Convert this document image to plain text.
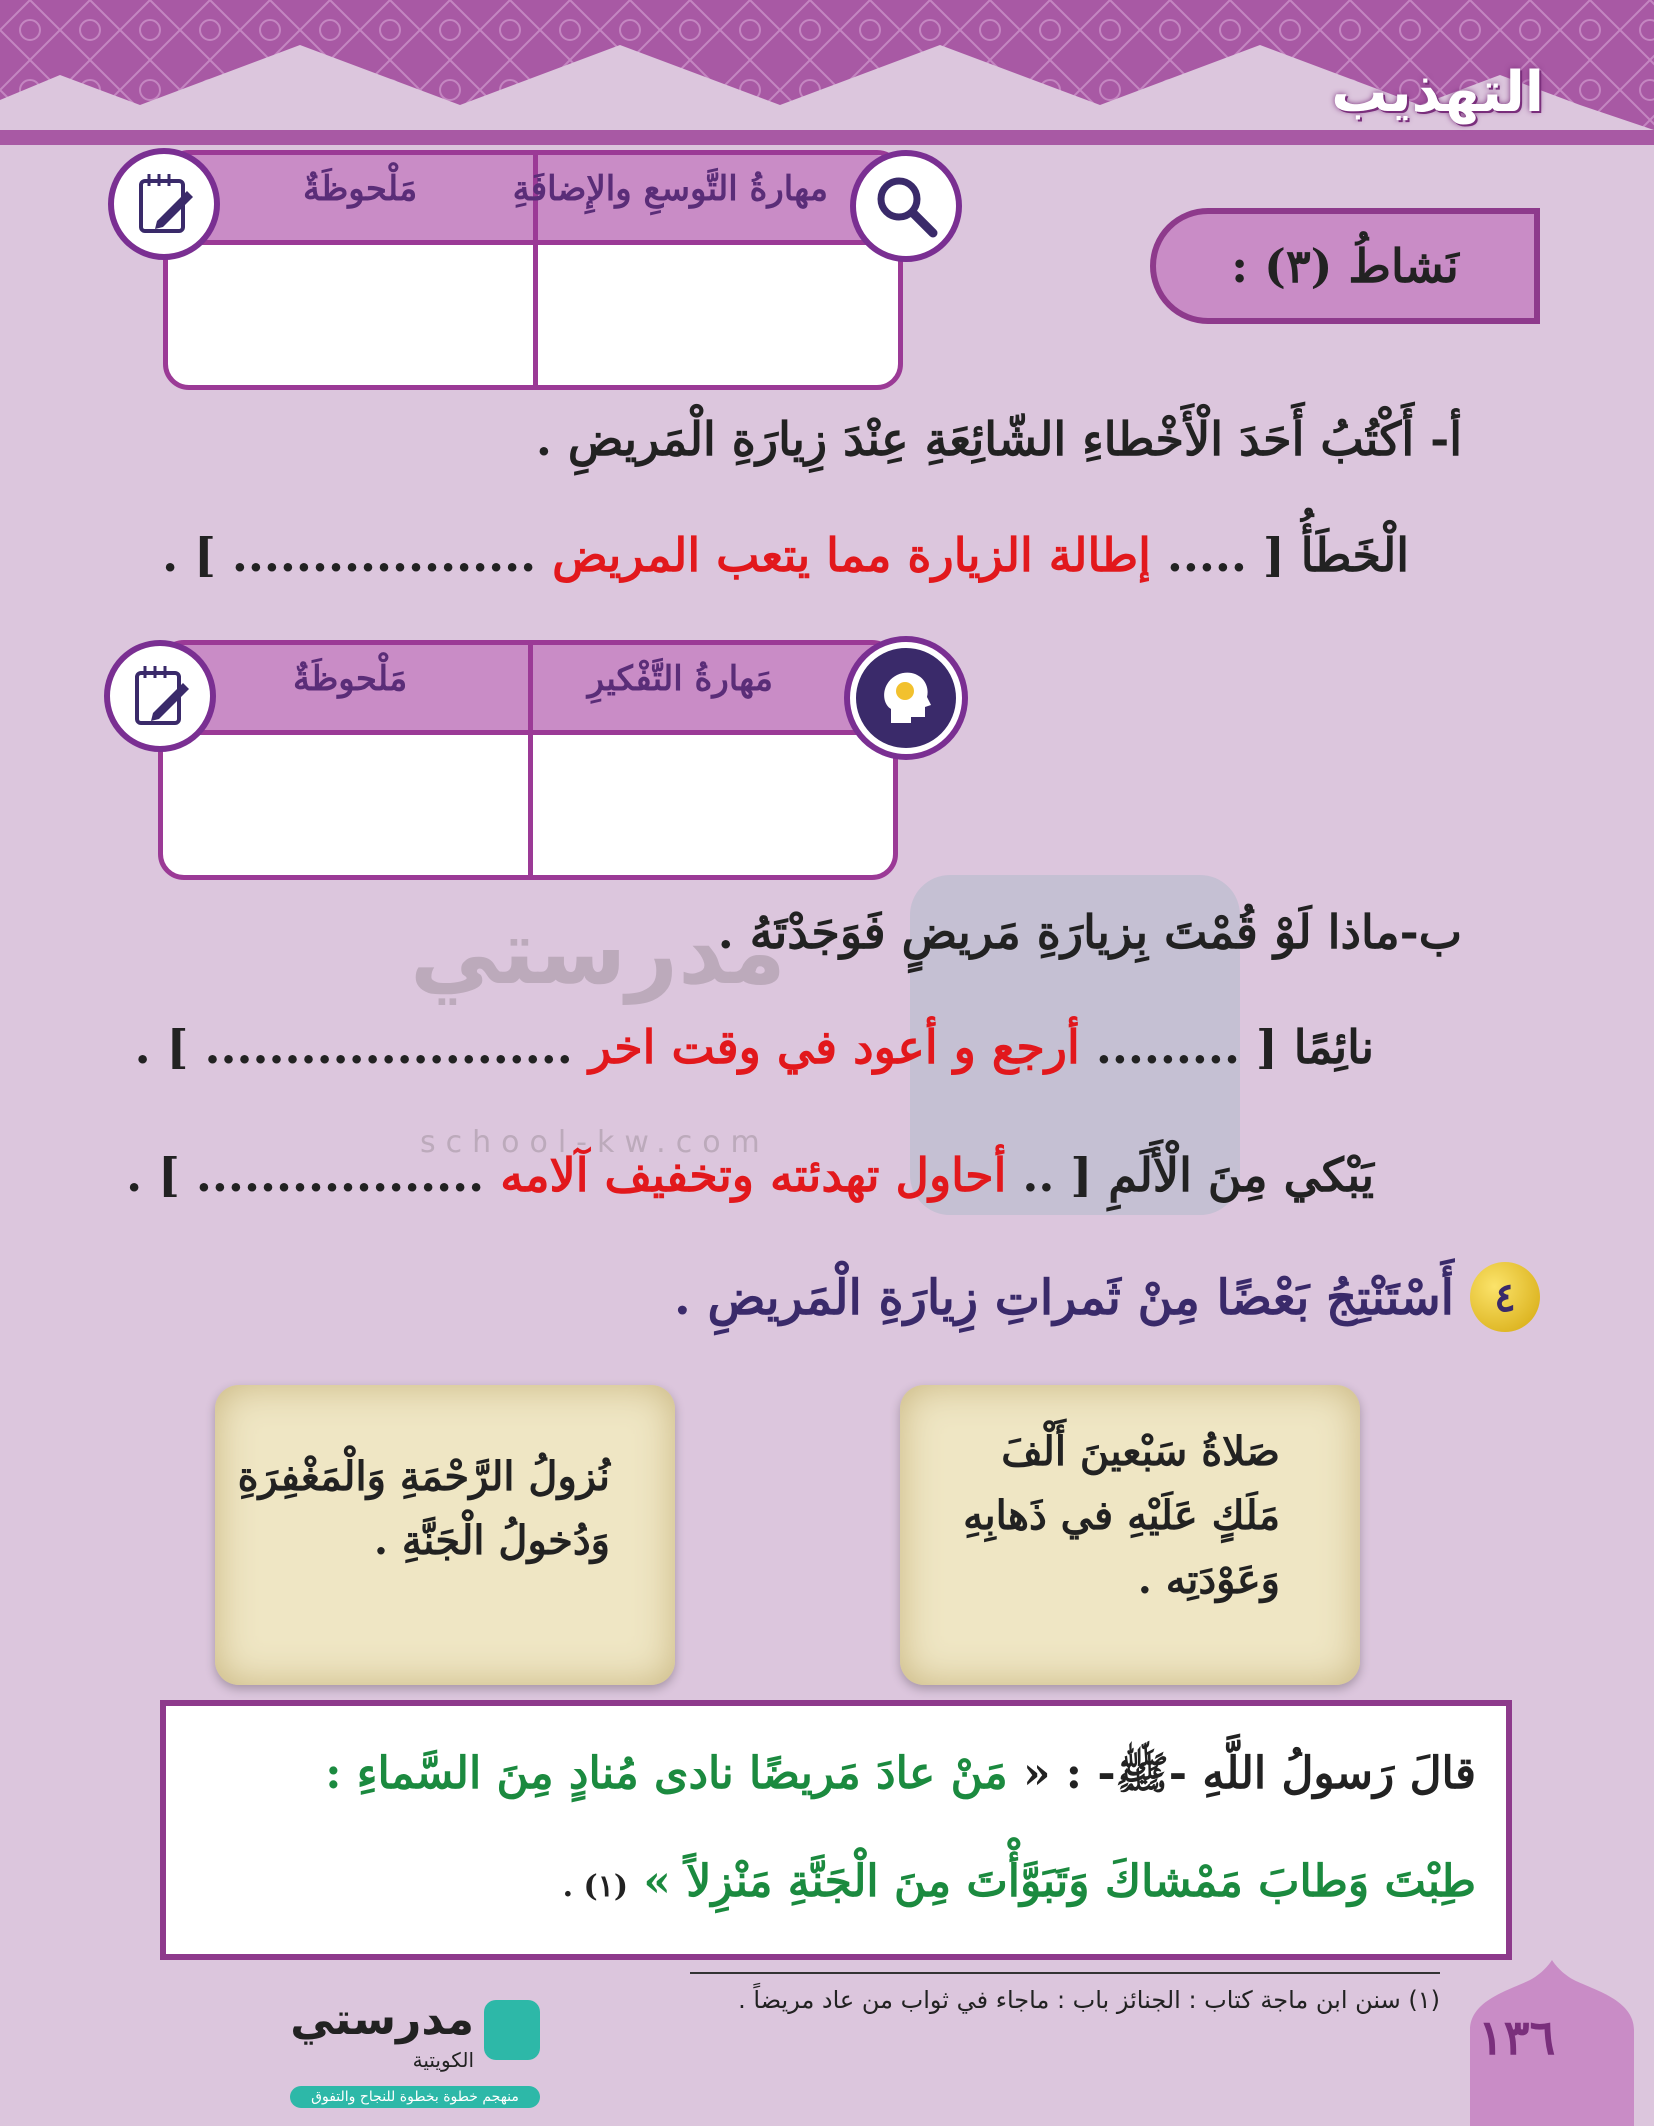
التهذيب
مهارةُ التَّوسعِ والإِضافَةِ
مَلْحوظَةٌ
نَشاطُ (٣) :
أ- أَكْتُبُ أَحَدَ الْأَخْطاءِ الشّائِعَةِ عِنْدَ زِيارَةِ الْمَريضِ .
الْخَطَأُ [ ..... إطالة الزيارة مما يتعب المريض ................... ] .
مَهارةُ التَّفْكيرِ
مَلْحوظَةٌ
مدرستي
school-kw.com
ب-ماذا لَوْ قُمْتَ بِزيارَةِ مَريضٍ فَوَجَدْتَهُ .
نائِمًا [ ......... أرجع و أعود في وقت اخر ....................... ] .
يَبْكي مِنَ الْأَلَمِ [ .. أحاول تهدئته وتخفيف آلامه .................. ] .
٤
أَسْتَنْتِجُ بَعْضًا مِنْ ثَمراتِ زِيارَةِ الْمَريضِ .
صَلاةُ سَبْعينَ أَلْفَ
مَلَكٍ عَلَيْهِ في ذَهابِهِ
وَعَوْدَتِه .
نُزولُ الرَّحْمَةِ وَالْمَغْفِرَةِ
وَدُخولُ الْجَنَّةِ .
قالَ رَسولُ اللَّهِ -ﷺ- : « مَنْ عادَ مَريضًا نادى مُنادٍ مِنَ السَّماءِ :
طِبْتَ وَطابَ مَمْشاكَ وَتَبَوَّأْتَ مِنَ الْجَنَّةِ مَنْزِلاً » (١) .
(١) سنن ابن ماجة كتاب : الجنائز باب : ماجاء في ثواب من عاد مريضاً .
١٣٦
مدرستي
الكويتية
منهجم خطوة بخطوة للنجاح والتفوق
